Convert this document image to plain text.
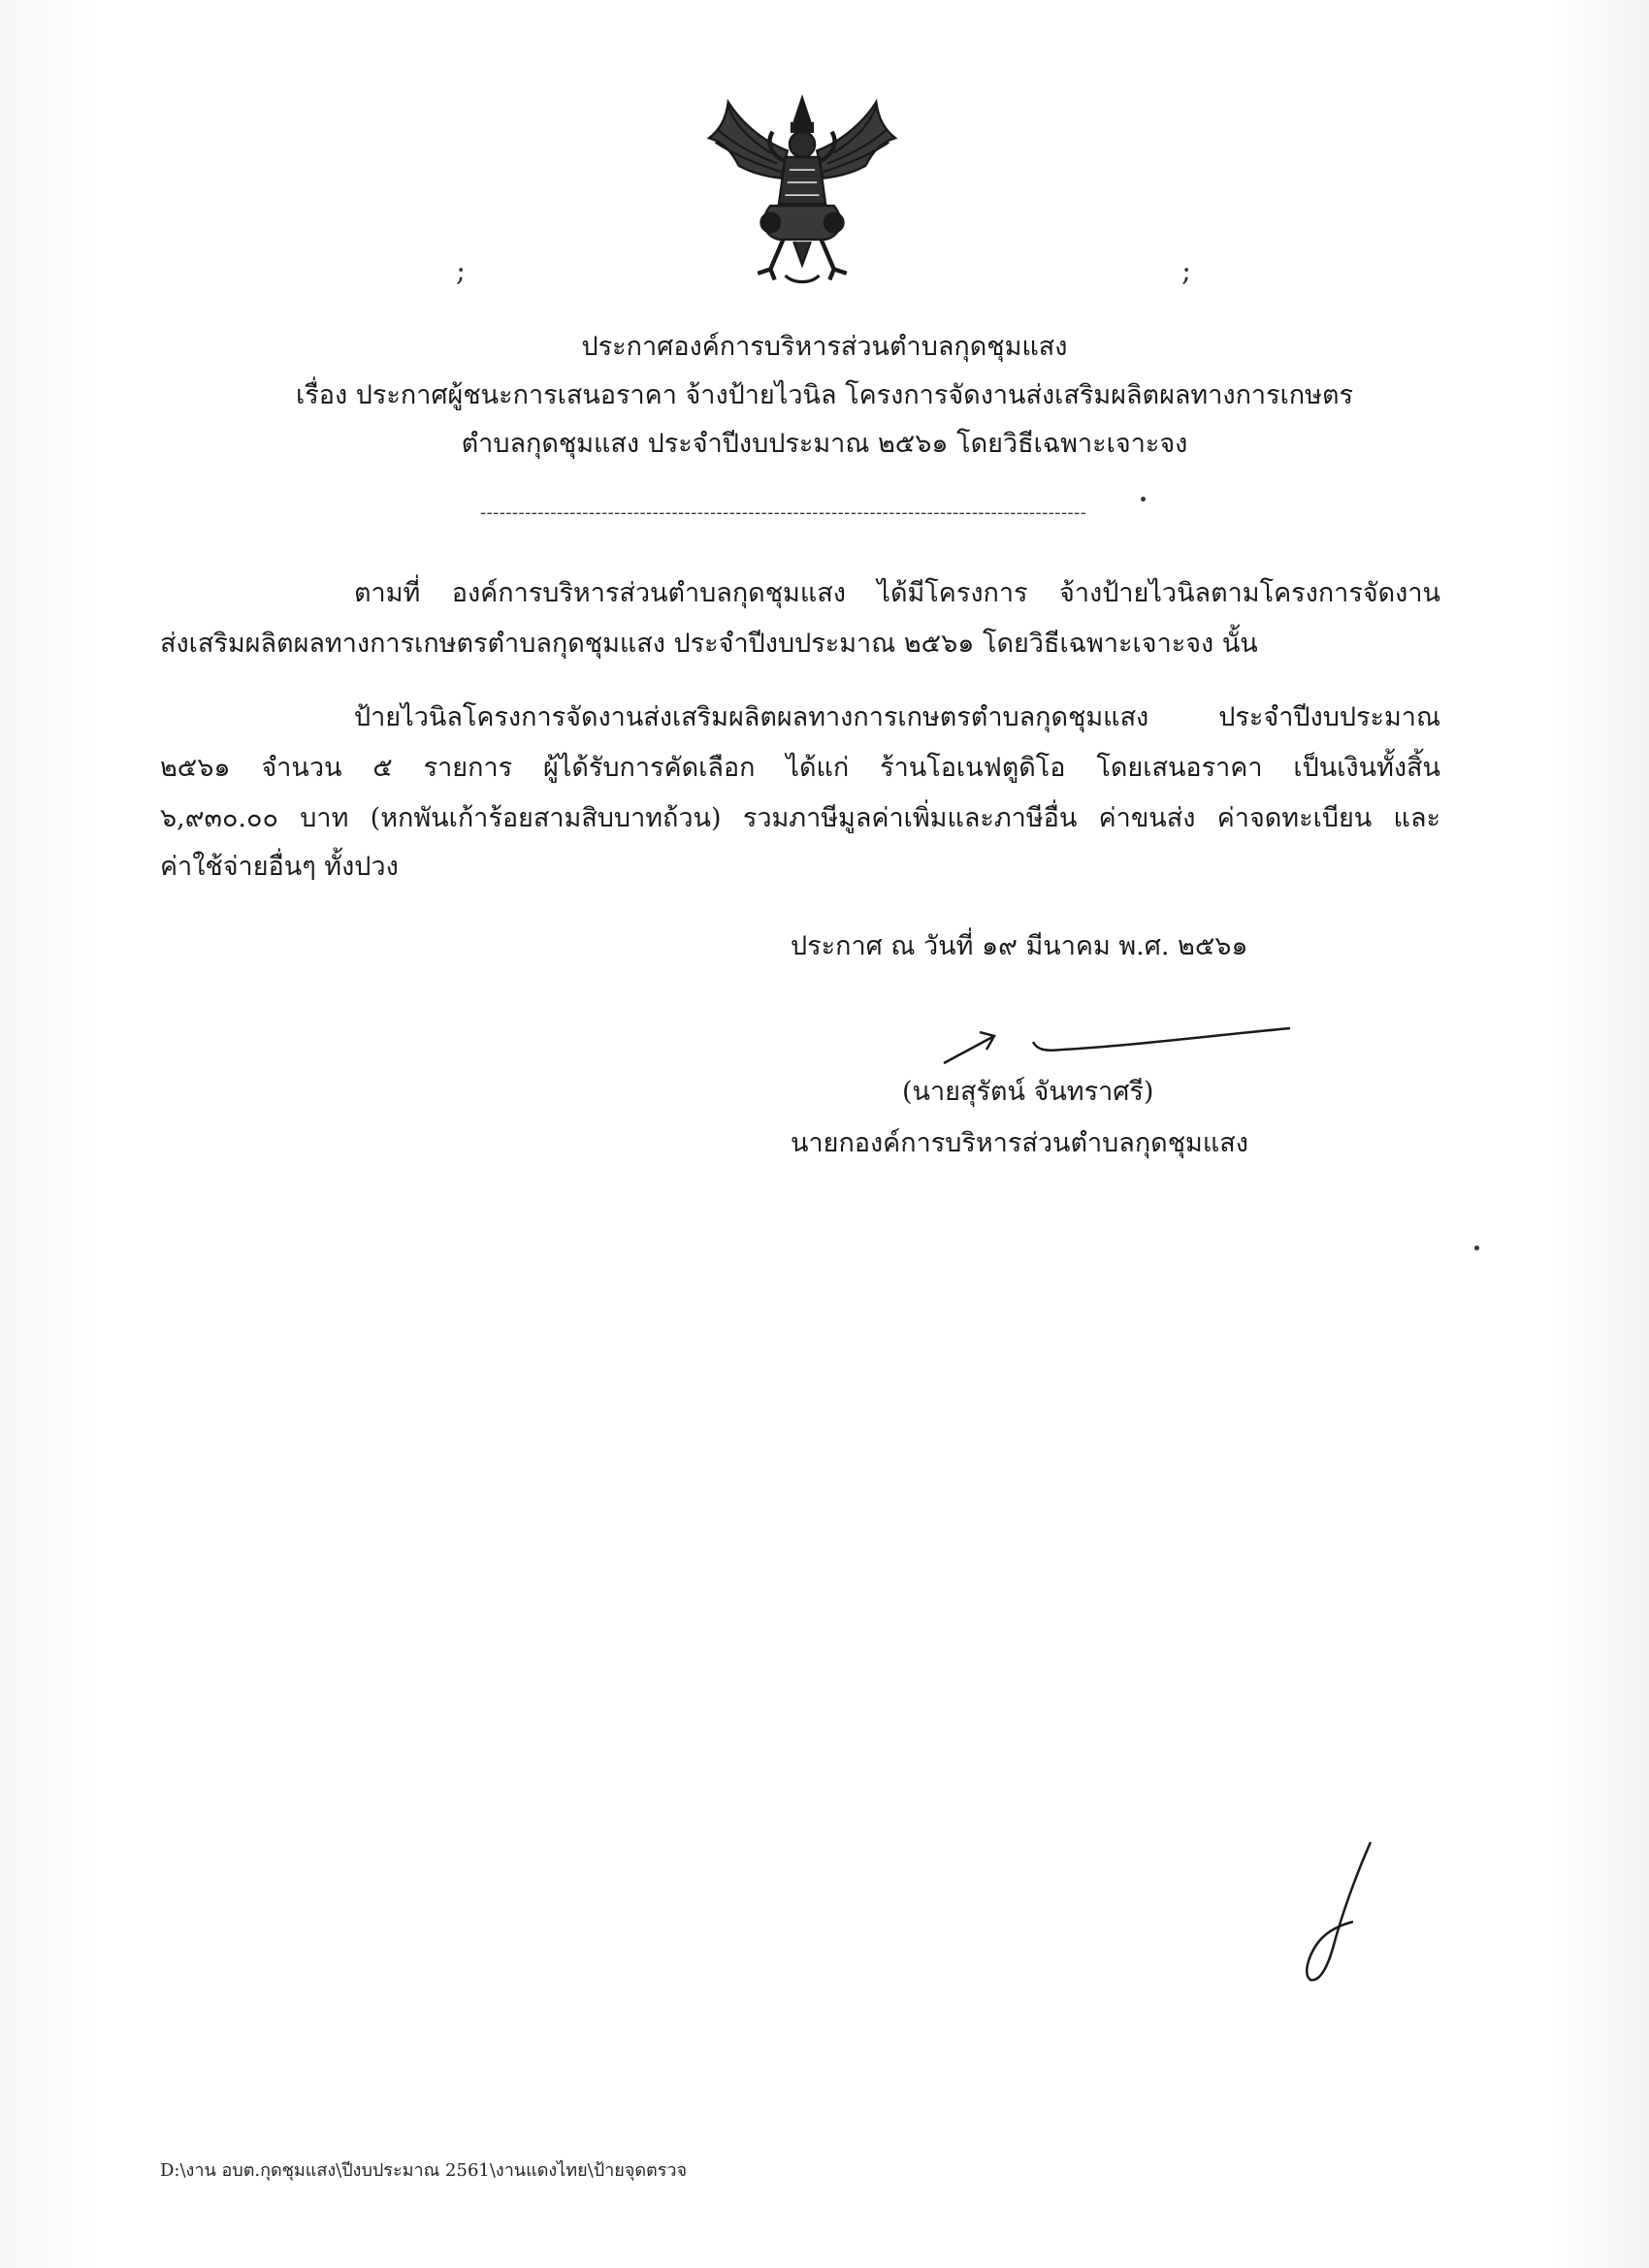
;	;
ประกาศองค์การบริหารส่วนตำบลกุดชุมแสง
เรื่อง ประกาศผู้ชนะการเสนอราคา จ้างป้ายไวนิล โครงการจัดงานส่งเสริมผลิตผลทางการเกษตร
ตำบลกุดชุมแสง ประจำปีงบประมาณ ๒๕๖๑ โดยวิธีเฉพาะเจาะจง
-----------------------------------------------------------------------------------------------
ตามที่ องค์การบริหารส่วนตำบลกุดชุมแสง ได้มีโครงการ จ้างป้ายไวนิลตามโครงการจัดงาน
ส่งเสริมผลิตผลทางการเกษตรตำบลกุดชุมแสง ประจำปีงบประมาณ ๒๕๖๑ โดยวิธีเฉพาะเจาะจง นั้น
ป้ายไวนิลโครงการจัดงานส่งเสริมผลิตผลทางการเกษตรตำบลกุดชุมแสง ประจำปีงบประมาณ
๒๕๖๑ จำนวน ๕ รายการ ผู้ได้รับการคัดเลือก ได้แก่ ร้านโอเนฟตูดิโอ โดยเสนอราคา เป็นเงินทั้งสิ้น
๖,๙๓๐.๐๐ บาท (หกพันเก้าร้อยสามสิบบาทถ้วน) รวมภาษีมูลค่าเพิ่มและภาษีอื่น ค่าขนส่ง ค่าจดทะเบียน และ
ค่าใช้จ่ายอื่นๆ ทั้งปวง
ประกาศ ณ วันที่ ๑๙ มีนาคม พ.ศ. ๒๕๖๑
(นายสุรัตน์ จันทราศรี)
นายกองค์การบริหารส่วนตำบลกุดชุมแสง
D:\งาน อบต.กุดชุมแสง\ปีงบประมาณ 2561\งานแดงไทย\ป้ายจุดตรวจ
